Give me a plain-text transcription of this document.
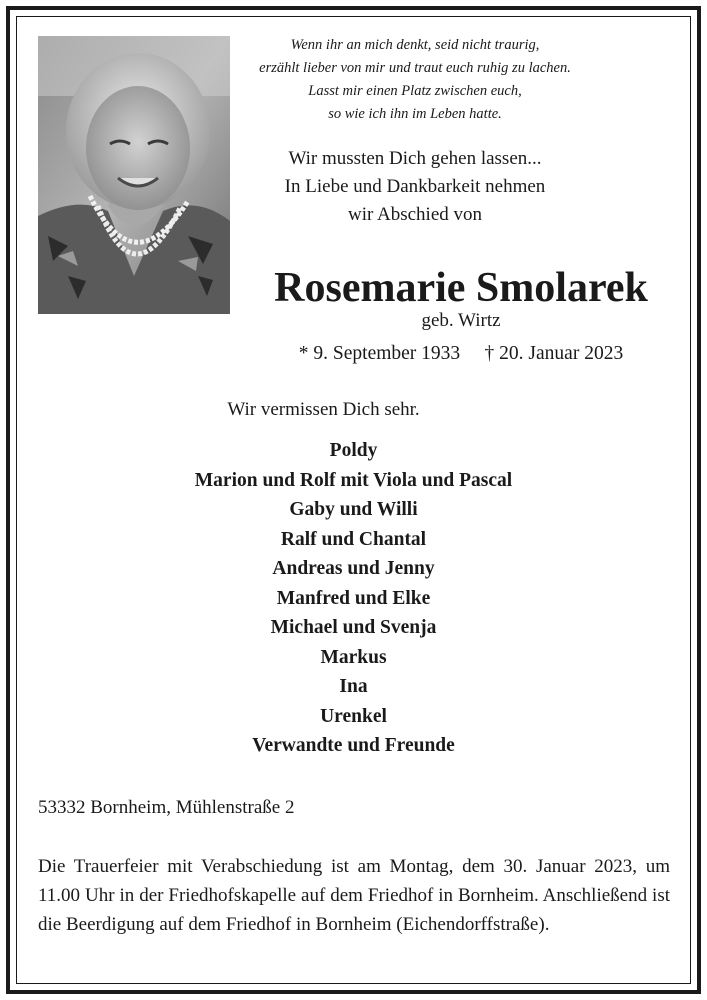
Wenn ihr an mich denkt, seid nicht traurig,
erzählt lieber von mir und traut euch ruhig zu lachen.
Lasst mir einen Platz zwischen euch,
so wie ich ihn im Leben hatte.
Wir mussten Dich gehen lassen...
In Liebe und Dankbarkeit nehmen
wir Abschied von
Rosemarie Smolarek
geb. Wirtz
* 9. September 1933 † 20. Januar 2023
Wir vermissen Dich sehr.
Poldy
Marion und Rolf mit Viola und Pascal
Gaby und Willi
Ralf und Chantal
Andreas und Jenny
Manfred und Elke
Michael und Svenja
Markus
Ina
Urenkel
Verwandte und Freunde
53332 Bornheim, Mühlenstraße 2
Die Trauerfeier mit Verabschiedung ist am Montag, dem 30. Januar 2023, um 11.00 Uhr in der Friedhofskapelle auf dem Friedhof in Bornheim. Anschließend ist die Beerdigung auf dem Friedhof in Bornheim (Eichendorffstraße).
